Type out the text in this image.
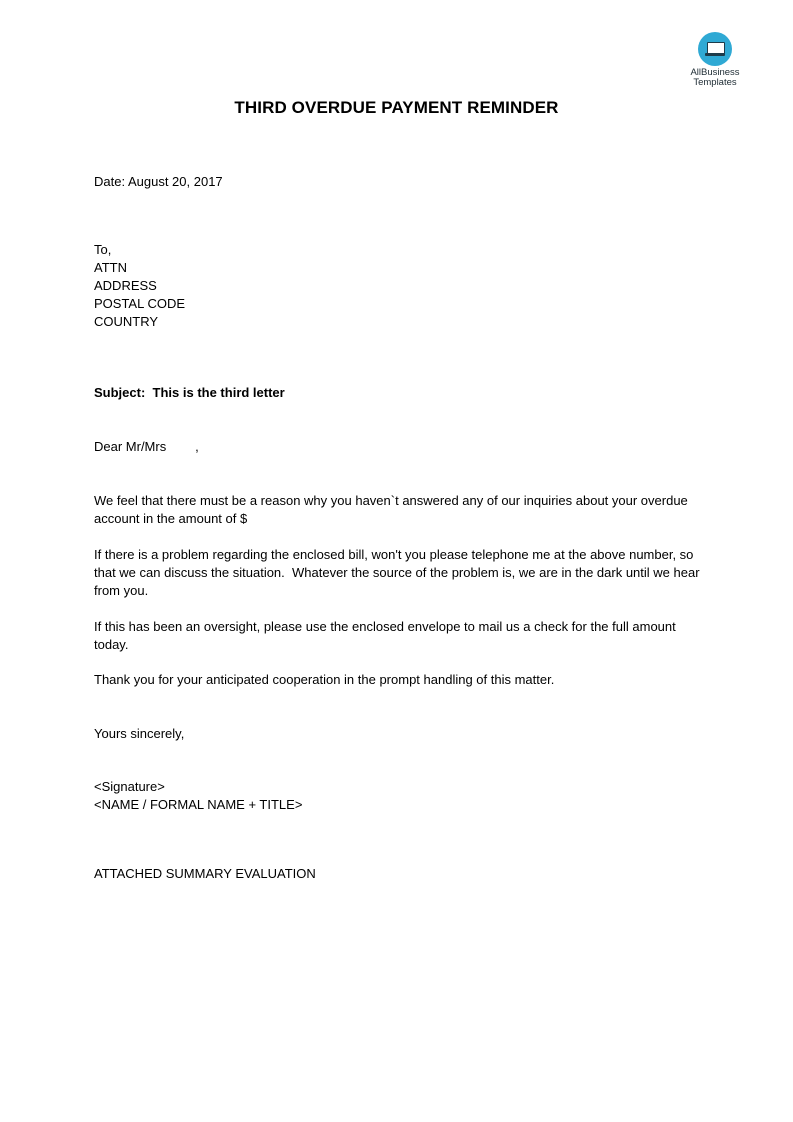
AllBusiness
Templates
THIRD OVERDUE PAYMENT REMINDER
Date: August 20, 2017
To,
ATTN
ADDRESS
POSTAL CODE
COUNTRY
Subject: This is the third letter
Dear Mr/Mrs        ,
We feel that there must be a reason why you haven`t answered any of our inquiries about your overdue account in the amount of $
If there is a problem regarding the enclosed bill, won't you please telephone me at the above number, so that we can discuss the situation.  Whatever the source of the problem is, we are in the dark until we hear from you.
If this has been an oversight, please use the enclosed envelope to mail us a check for the full amount today.
Thank you for your anticipated cooperation in the prompt handling of this matter.
Yours sincerely,
<Signature>
<NAME / FORMAL NAME + TITLE>
ATTACHED SUMMARY EVALUATION
